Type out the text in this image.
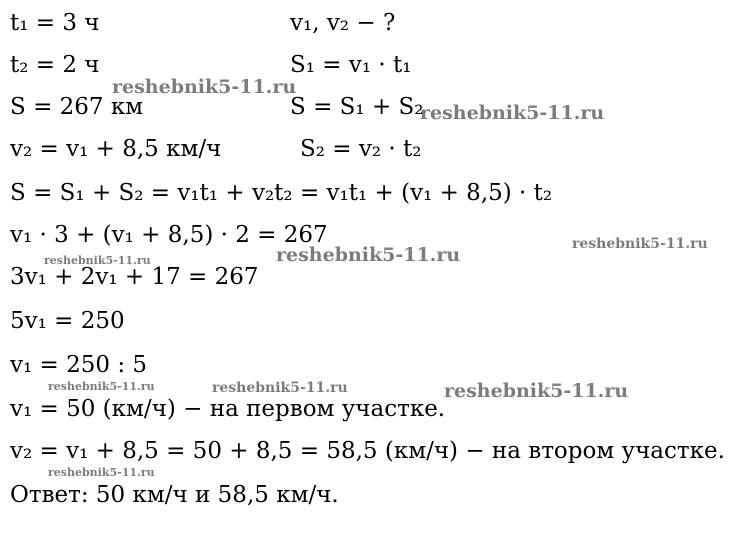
t₁ = 3 ч	v₁, v₂ − ?
t₂ = 2 ч	S₁ = v₁ · t₁
S = 267 км	S = S₁ + S₂
v₂ = v₁ + 8,5 км/ч	S₂ = v₂ · t₂
S = S₁ + S₂ = v₁t₁ + v₂t₂ = v₁t₁ + (v₁ + 8,5) · t₂
v₁ · 3 + (v₁ + 8,5) · 2 = 267
3v₁ + 2v₁ + 17 = 267
5v₁ = 250
v₁ = 250 : 5
v₁ = 50 (км/ч) − на первом участке.
v₂ = v₁ + 8,5 = 50 + 8,5 = 58,5 (км/ч) − на втором участке.
Ответ: 50 км/ч и 58,5 км/ч.
reshebnik5-11.ru
reshebnik5-11.ru
reshebnik5-11.ru
reshebnik5-11.ru	reshebnik5-11.ru
reshebnik5-11.ru	reshebnik5-11.ru	reshebnik5-11.ru
reshebnik5-11.ru
